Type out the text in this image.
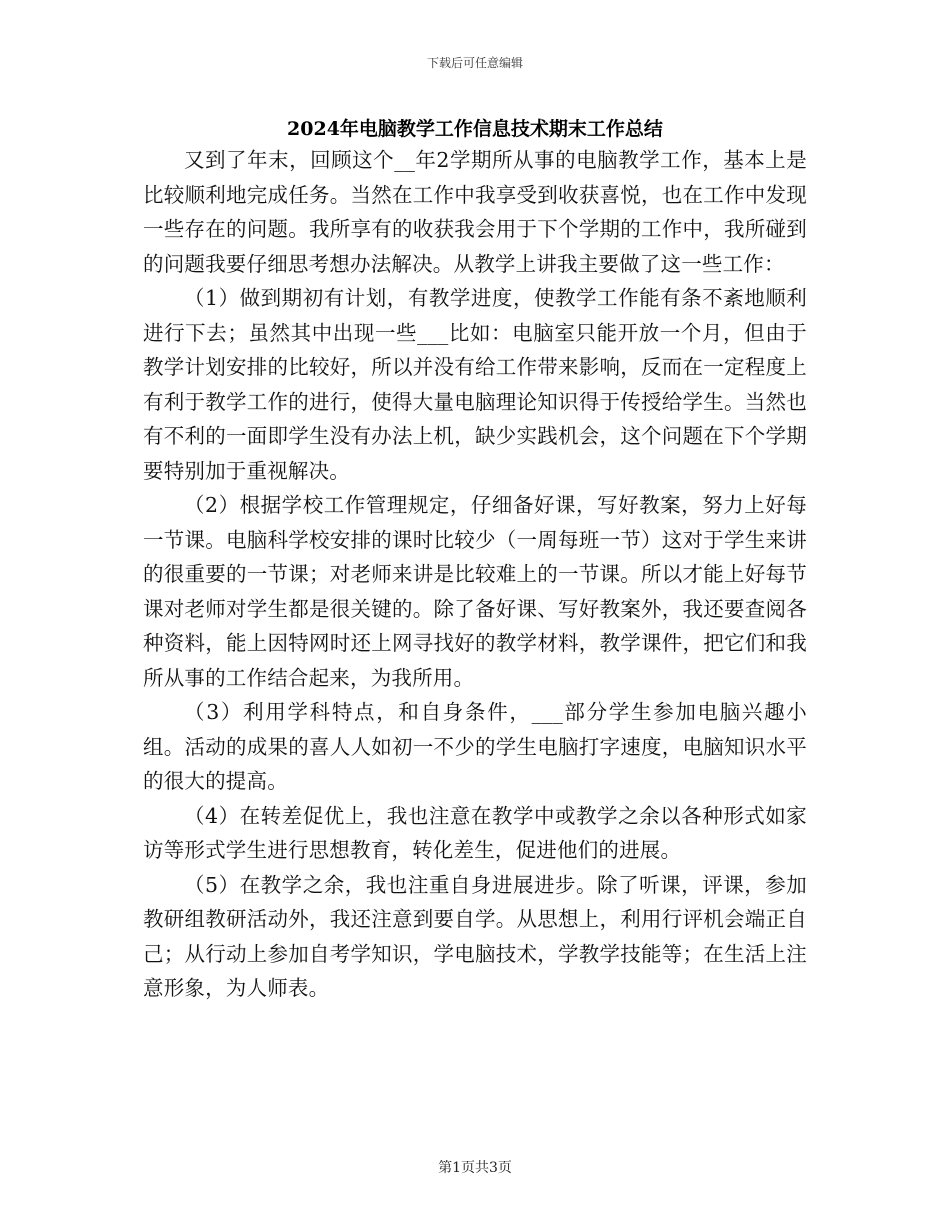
下载后可任意编辑
2024年电脑教学工作信息技术期末工作总结

又到了年末，回顾这个__年2学期所从事的电脑教学工作，基本上是比较顺利地完成任务。当然在工作中我享受到收获喜悦，也在工作中发现一些存在的问题。我所享有的收获我会用于下个学期的工作中，我所碰到的问题我要仔细思考想办法解决。从教学上讲我主要做了这一些工作：

（1）做到期初有计划，有教学进度，使教学工作能有条不紊地顺利进行下去；虽然其中出现一些___比如：电脑室只能开放一个月，但由于教学计划安排的比较好，所以并没有给工作带来影响，反而在一定程度上有利于教学工作的进行，使得大量电脑理论知识得于传授给学生。当然也有不利的一面即学生没有办法上机，缺少实践机会，这个问题在下个学期要特别加于重视解决。

（2）根据学校工作管理规定，仔细备好课，写好教案，努力上好每一节课。电脑科学校安排的课时比较少（一周每班一节）这对于学生来讲的很重要的一节课；对老师来讲是比较难上的一节课。所以才能上好每节课对老师对学生都是很关键的。除了备好课、写好教案外，我还要查阅各种资料，能上因特网时还上网寻找好的教学材料，教学课件，把它们和我所从事的工作结合起来，为我所用。

（3）利用学科特点，和自身条件，___部分学生参加电脑兴趣小组。活动的成果的喜人人如初一不少的学生电脑打字速度，电脑知识水平的很大的提高。

（4）在转差促优上，我也注意在教学中或教学之余以各种形式如家访等形式学生进行思想教育，转化差生，促进他们的进展。

（5）在教学之余，我也注重自身进展进步。除了听课，评课，参加教研组教研活动外，我还注意到要自学。从思想上，利用行评机会端正自己；从行动上参加自考学知识，学电脑技术，学教学技能等；在生活上注意形象，为人师表。

第1页共3页
